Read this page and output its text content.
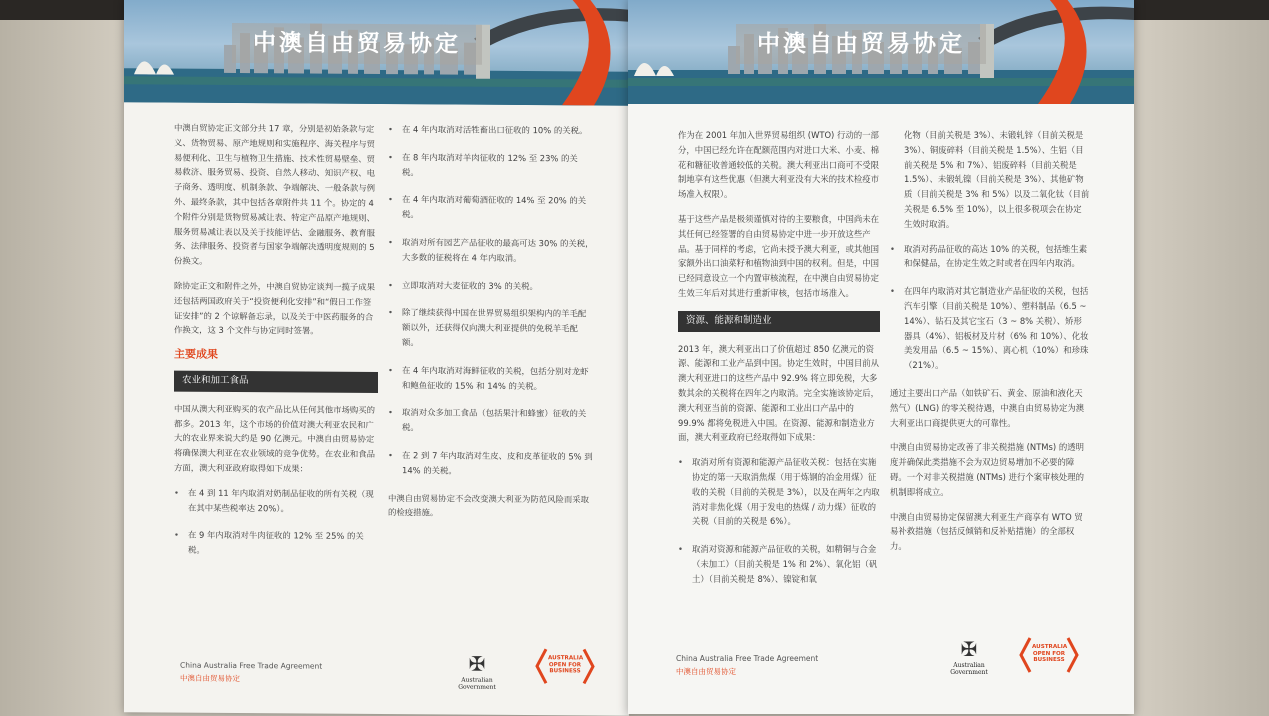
中澳自由贸易协定

中澳自贸协定正文部分共 17 章，分别是初始条款与定义、货物贸易、原产地规则和实施程序、海关程序与贸易便利化、卫生与植物卫生措施、技术性贸易壁垒、贸易救济、服务贸易、投资、自然人移动、知识产权、电子商务、透明度、机制条款、争端解决、一般条款与例外、最终条款，其中包括各章附件共 11 个。协定的 4 个附件分别是货物贸易减让表、特定产品原产地规则、服务贸易减让表以及关于技能评估、金融服务、教育服务、法律服务、投资者与国家争端解决透明度规则的 5 份换文。

除协定正文和附件之外，中澳自贸协定谈判一揽子成果还包括两国政府关于“投资便利化安排”和“假日工作签证安排”的 2 个谅解备忘录，以及关于中医药服务的合作换文，这 3 个文件与协定同时签署。

主要成果
农业和加工食品

中国从澳大利亚购买的农产品比从任何其他市场购买的都多。2013 年，这个市场的价值对澳大利亚农民和广大的农业界来说大约是 90 亿澳元。中澳自由贸易协定将确保澳大利亚在农业领域的竞争优势。在农业和食品方面，澳大利亚政府取得如下成果：

• 在 4 到 11 年内取消对奶制品征收的所有关税（现在其中某些税率达 20%）。
• 在 9 年内取消对牛肉征收的 12% 至 25% 的关税。
• 在 4 年内取消对活牲畜出口征收的 10% 的关税。
• 在 8 年内取消对羊肉征收的 12% 至 23% 的关税。
• 在 4 年内取消对葡萄酒征收的 14% 至 20% 的关税。
• 取消对所有园艺产品征收的最高可达 30% 的关税，大多数的征税将在 4 年内取消。
• 立即取消对大麦征收的 3% 的关税。
• 除了继续获得中国在世界贸易组织架构内的羊毛配额以外，还获得仅向澳大利亚提供的免税羊毛配额。
• 在 4 年内取消对海鲜征收的关税，包括分别对龙虾和鲍鱼征收的 15% 和 14% 的关税。
• 取消对众多加工食品（包括果汁和蜂蜜）征收的关税。
• 在 2 到 7 年内取消对生皮、皮和皮革征收的 5% 到 14% 的关税。

中澳自由贸易协定不会改变澳大利亚为防范风险而采取的检疫措施。

China Australia Free Trade Agreement
中澳自由贸易协定
✠
Australian Government
AUSTRALIA OPEN FOR BUSINESS
中澳自由贸易协定

作为在 2001 年加入世界贸易组织 (WTO) 行动的一部分，中国已经允许在配额范围内对进口大米、小麦、棉花和糖征收普通较低的关税。澳大利亚出口商可不受限制地享有这些优惠（但澳大利亚没有大米的技术检疫市场准入权限）。

基于这些产品是极须谨慎对待的主要粮食，中国尚未在其任何已经签署的自由贸易协定中进一步开放这些产品。基于同样的考虑，它尚未授予澳大利亚，或其他国家额外出口油菜籽和植物油到中国的权利。但是，中国已经同意设立一个内置审核流程，在中澳自由贸易协定生效三年后对其进行重新审核，包括市场准入。

资源、能源和制造业

2013 年，澳大利亚出口了价值超过 850 亿澳元的资源、能源和工业产品到中国。协定生效时，中国目前从澳大利亚进口的这些产品中 92.9% 将立即免税，大多数其余的关税将在四年之内取消。完全实施该协定后，澳大利亚当前的资源、能源和工业出口产品中的 99.9% 都将免税进入中国。在资源、能源和制造业方面，澳大利亚政府已经取得如下成果：

• 取消对所有资源和能源产品征收关税：包括在实施协定的第一天取消焦煤（用于炼钢的冶金用煤）征收的关税（目前的关税是 3%），以及在两年之内取消对非焦化煤（用于发电的热煤 / 动力煤）征收的关税（目前的关税是 6%）。
• 取消对资源和能源产品征收的关税，如精铜与合金（未加工）（目前关税是 1% 和 2%）、氧化铝（矾土）（目前关税是 8%）、镍锭和氧

化物（目前关税是 3%）、未锻轧锌（目前关税是 3%）、铜废碎料（目前关税是 1.5%）、生铝（目前关税是 5% 和 7%）、铝废碎料（目前关税是 1.5%）、未锻轧镍（目前关税是 3%）、其他矿物质（目前关税是 3% 和 5%）以及二氧化钛（目前关税是 6.5% 至 10%），以上很多税项会在协定生效时取消。

• 取消对药品征收的高达 10% 的关税，包括维生素和保健品，在协定生效之时或者在四年内取消。
• 在四年内取消对其它制造业产品征收的关税，包括汽车引擎（目前关税是 10%）、塑料制品（6.5 ~ 14%）、钻石及其它宝石（3 ~ 8% 关税）、矫形器具（4%）、铝板材及片材（6% 和 10%）、化妆美发用品（6.5 ~ 15%）、离心机（10%）和珍珠（21%）。

通过主要出口产品（如铁矿石、黄金、原油和液化天然气）(LNG) 的零关税待遇，中澳自由贸易协定为澳大利亚出口商提供更大的可靠性。

中澳自由贸易协定改善了非关税措施 (NTMs) 的透明度并确保此类措施不会为双边贸易增加不必要的障碍。一个对非关税措施 (NTMs) 进行个案审核处理的机制即将成立。

中澳自由贸易协定保留澳大利亚生产商享有 WTO 贸易补救措施（包括反倾销和反补贴措施）的全部权力。

China Australia Free Trade Agreement
中澳自由贸易协定
✠
Australian Government
AUSTRALIA OPEN FOR BUSINESS
